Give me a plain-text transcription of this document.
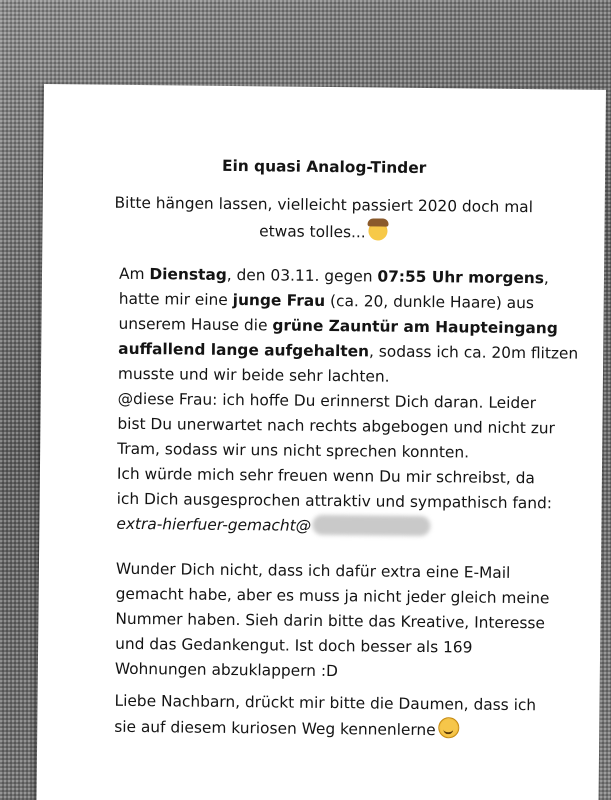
Ein quasi Analog-Tinder
Bitte hängen lassen, vielleicht passiert 2020 doch mal
etwas tolles...
Am Dienstag, den 03.11. gegen 07:55 Uhr morgens,
hatte mir eine junge Frau (ca. 20, dunkle Haare) aus
unserem Hause die grüne Zauntür am Haupteingang
auffallend lange aufgehalten, sodass ich ca. 20m flitzen
musste und wir beide sehr lachten.
@diese Frau: ich hoffe Du erinnerst Dich daran. Leider
bist Du unerwartet nach rechts abgebogen und nicht zur
Tram, sodass wir uns nicht sprechen konnten.
Ich würde mich sehr freuen wenn Du mir schreibst, da
ich Dich ausgesprochen attraktiv und sympathisch fand:
extra-hierfuer-gemacht@
Wunder Dich nicht, dass ich dafür extra eine E-Mail
gemacht habe, aber es muss ja nicht jeder gleich meine
Nummer haben. Sieh darin bitte das Kreative, Interesse
und das Gedankengut. Ist doch besser als 169
Wohnungen abzuklappern :D
Liebe Nachbarn, drückt mir bitte die Daumen, dass ich
sie auf diesem kuriosen Weg kennenlerne
